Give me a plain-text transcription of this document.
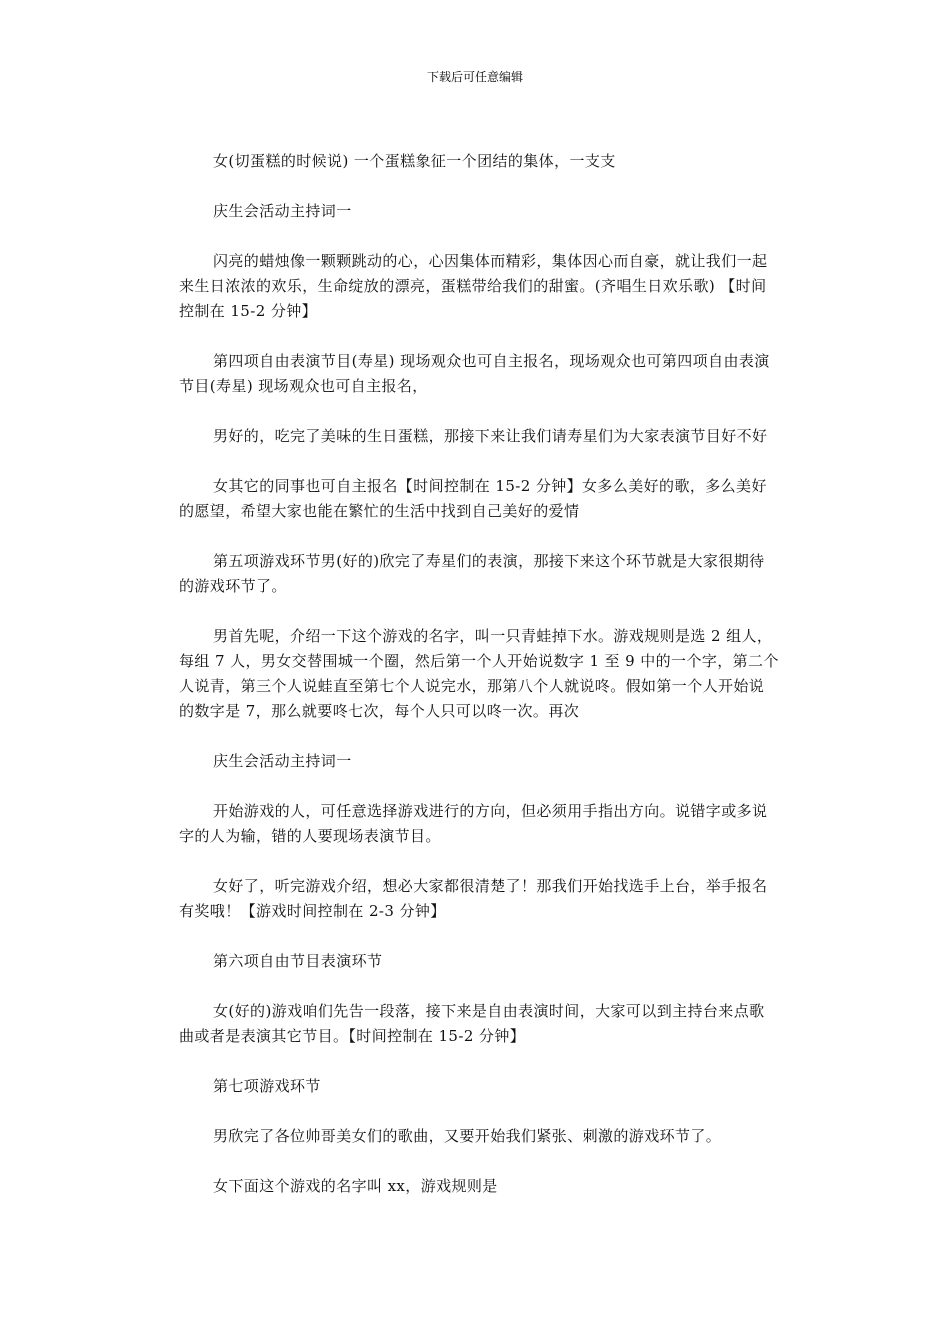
下载后可任意编辑

女(切蛋糕的时候说) 一个蛋糕象征一个团结的集体，一支支

庆生会活动主持词一

闪亮的蜡烛像一颗颗跳动的心，心因集体而精彩，集体因心而自豪，就让我们一起来生日浓浓的欢乐，生命绽放的漂亮，蛋糕带给我们的甜蜜。(齐唱生日欢乐歌) 【时间控制在 15-2 分钟】

第四项自由表演节目(寿星) 现场观众也可自主报名，现场观众也可第四项自由表演节目(寿星) 现场观众也可自主报名，

男好的，吃完了美味的生日蛋糕，那接下来让我们请寿星们为大家表演节目好不好

女其它的同事也可自主报名【时间控制在 15-2 分钟】女多么美好的歌，多么美好的愿望，希望大家也能在繁忙的生活中找到自己美好的爱情

第五项游戏环节男(好的)欣完了寿星们的表演，那接下来这个环节就是大家很期待的游戏环节了。

男首先呢，介绍一下这个游戏的名字，叫一只青蛙掉下水。游戏规则是选 2 组人，每组 7 人，男女交替围城一个圈，然后第一个人开始说数字 1 至 9 中的一个字，第二个人说青，第三个人说蛙直至第七个人说完水，那第八个人就说咚。假如第一个人开始说的数字是 7，那么就要咚七次，每个人只可以咚一次。再次

庆生会活动主持词一

开始游戏的人，可任意选择游戏进行的方向，但必须用手指出方向。说错字或多说字的人为输，错的人要现场表演节目。

女好了，听完游戏介绍，想必大家都很清楚了！那我们开始找选手上台，举手报名有奖哦！【游戏时间控制在 2-3 分钟】

第六项自由节目表演环节

女(好的)游戏咱们先告一段落，接下来是自由表演时间，大家可以到主持台来点歌曲或者是表演其它节目。【时间控制在 15-2 分钟】

第七项游戏环节

男欣完了各位帅哥美女们的歌曲，又要开始我们紧张、刺激的游戏环节了。

女下面这个游戏的名字叫 xx，游戏规则是
